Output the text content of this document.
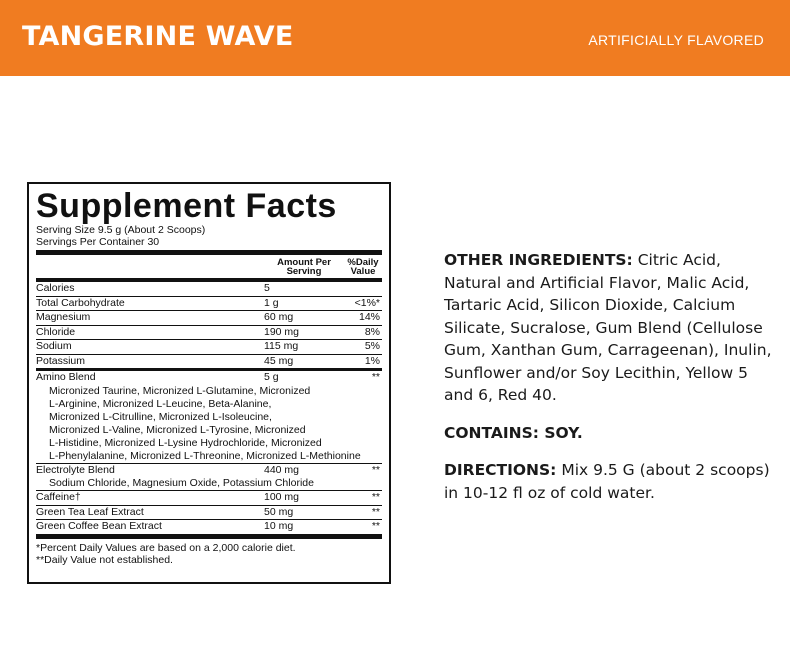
TANGERINE WAVE	ARTIFICIALLY FLAVORED
Supplement Facts
Serving Size 9.5 g (About 2 Scoops)
Servings Per Container 30
Amount Per
Serving
%Daily
Value
Calories	5
Total Carbohydrate	1 g	<1%*
Magnesium	60 mg	14%
Chloride	190 mg	8%
Sodium	115 mg	5%
Potassium	45 mg	1%
Amino Blend	5 g	**
Micronized Taurine, Micronized L-Glutamine, Micronized
L-Arginine, Micronized L-Leucine, Beta-Alanine,
Micronized L-Citrulline, Micronized L-Isoleucine,
Micronized L-Valine, Micronized L-Tyrosine, Micronized
L-Histidine, Micronized L-Lysine Hydrochloride, Micronized
L-Phenylalanine, Micronized L-Threonine, Micronized L-Methionine
Electrolyte Blend	440 mg	**
Sodium Chloride, Magnesium Oxide, Potassium Chloride
Caffeine†	100 mg	**
Green Tea Leaf Extract	50 mg	**
Green Coffee Bean Extract	10 mg	**
*Percent Daily Values are based on a 2,000 calorie diet.
**Daily Value not established.

OTHER INGREDIENTS: Citric Acid, Natural and Artificial Flavor, Malic Acid, Tartaric Acid, Silicon Dioxide, Calcium Silicate, Sucralose, Gum Blend (Cellulose Gum, Xanthan Gum, Carrageenan), Inulin, Sunflower and/or Soy Lecithin, Yellow 5 and 6, Red 40.

CONTAINS: SOY.

DIRECTIONS: Mix 9.5 G (about 2 scoops) in 10-12 fl oz of cold water.
